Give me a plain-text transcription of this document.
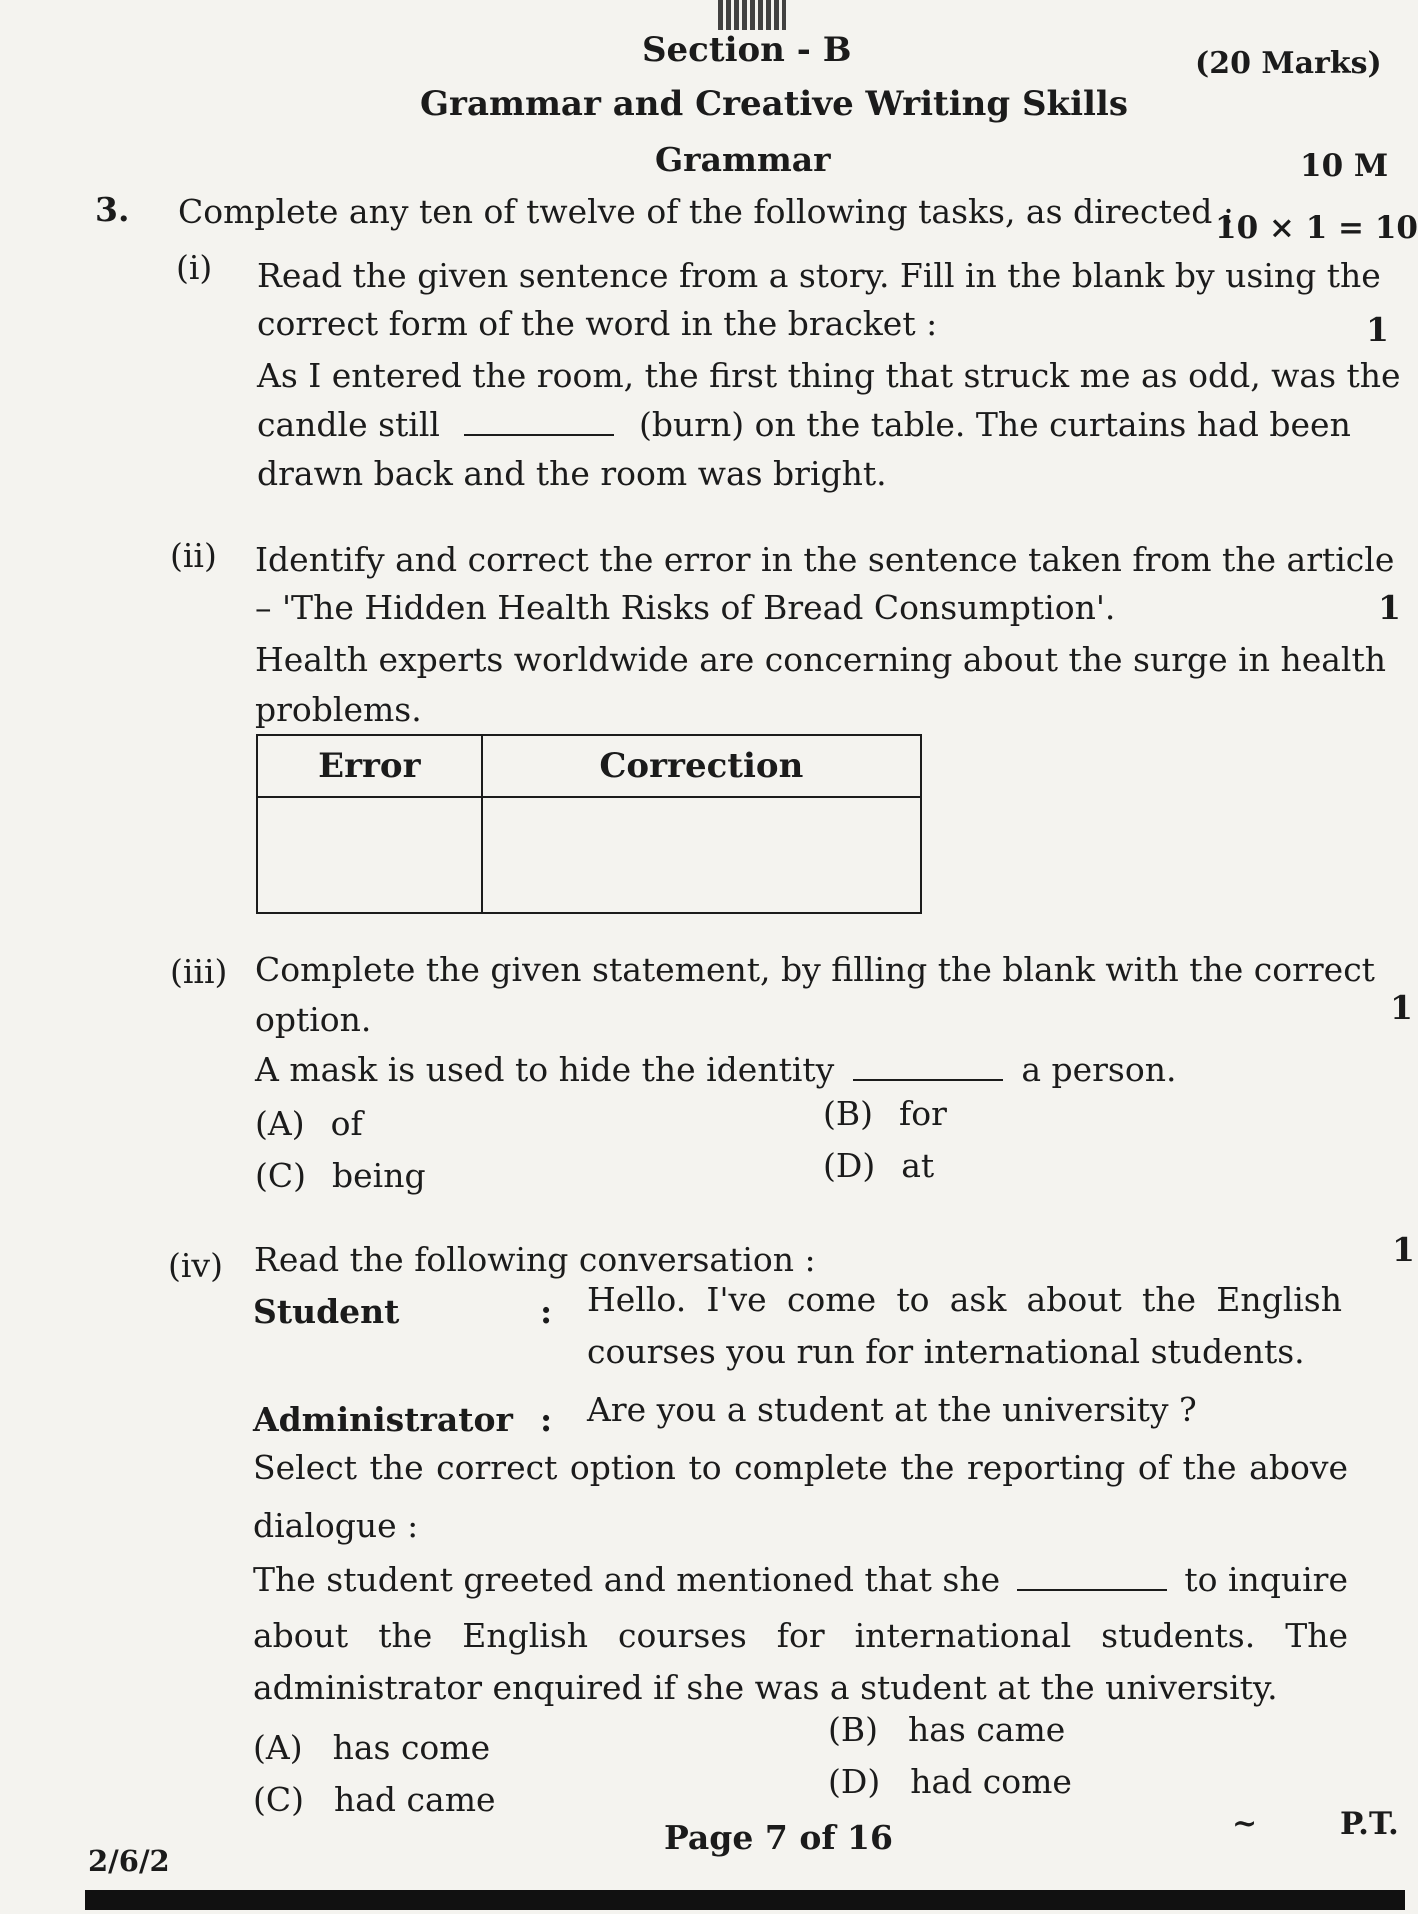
Section - B	(20 Marks)
Grammar and Creative Writing Skills
Grammar	10 M
3. Complete any ten of twelve of the following tasks, as directed :
10 × 1 = 10
(i) Read the given sentence from a story. Fill in the blank by using the
correct form of the word in the bracket :	1
As I entered the room, the first thing that struck me as odd, was the
candle still	(burn) on the table. The curtains had been
drawn back and the room was bright.
(ii) Identify and correct the error in the sentence taken from the article
– 'The Hidden Health Risks of Bread Consumption'.	1
Health experts worldwide are concerning about the surge in health
problems.
Error	Correction

(iii) Complete the given statement, by filling the blank with the correct
option.	1
A mask is used to hide the identity	a person.
(A) of	(B) for
(C) being	(D) at
(iv) Read the following conversation :	1
Student	: Hello. I've come to ask about the English
courses you run for international students.
Administrator : Are you a student at the university ?
Select the correct option to complete the reporting of the above
dialogue :
The student greeted and mentioned that she	to inquire
about the English courses for international students. The
administrator enquired if she was a student at the university.
(A) has come	(B) has came
(C) had came	(D) had come
2/6/2
Page 7 of 16	~	P.T.
